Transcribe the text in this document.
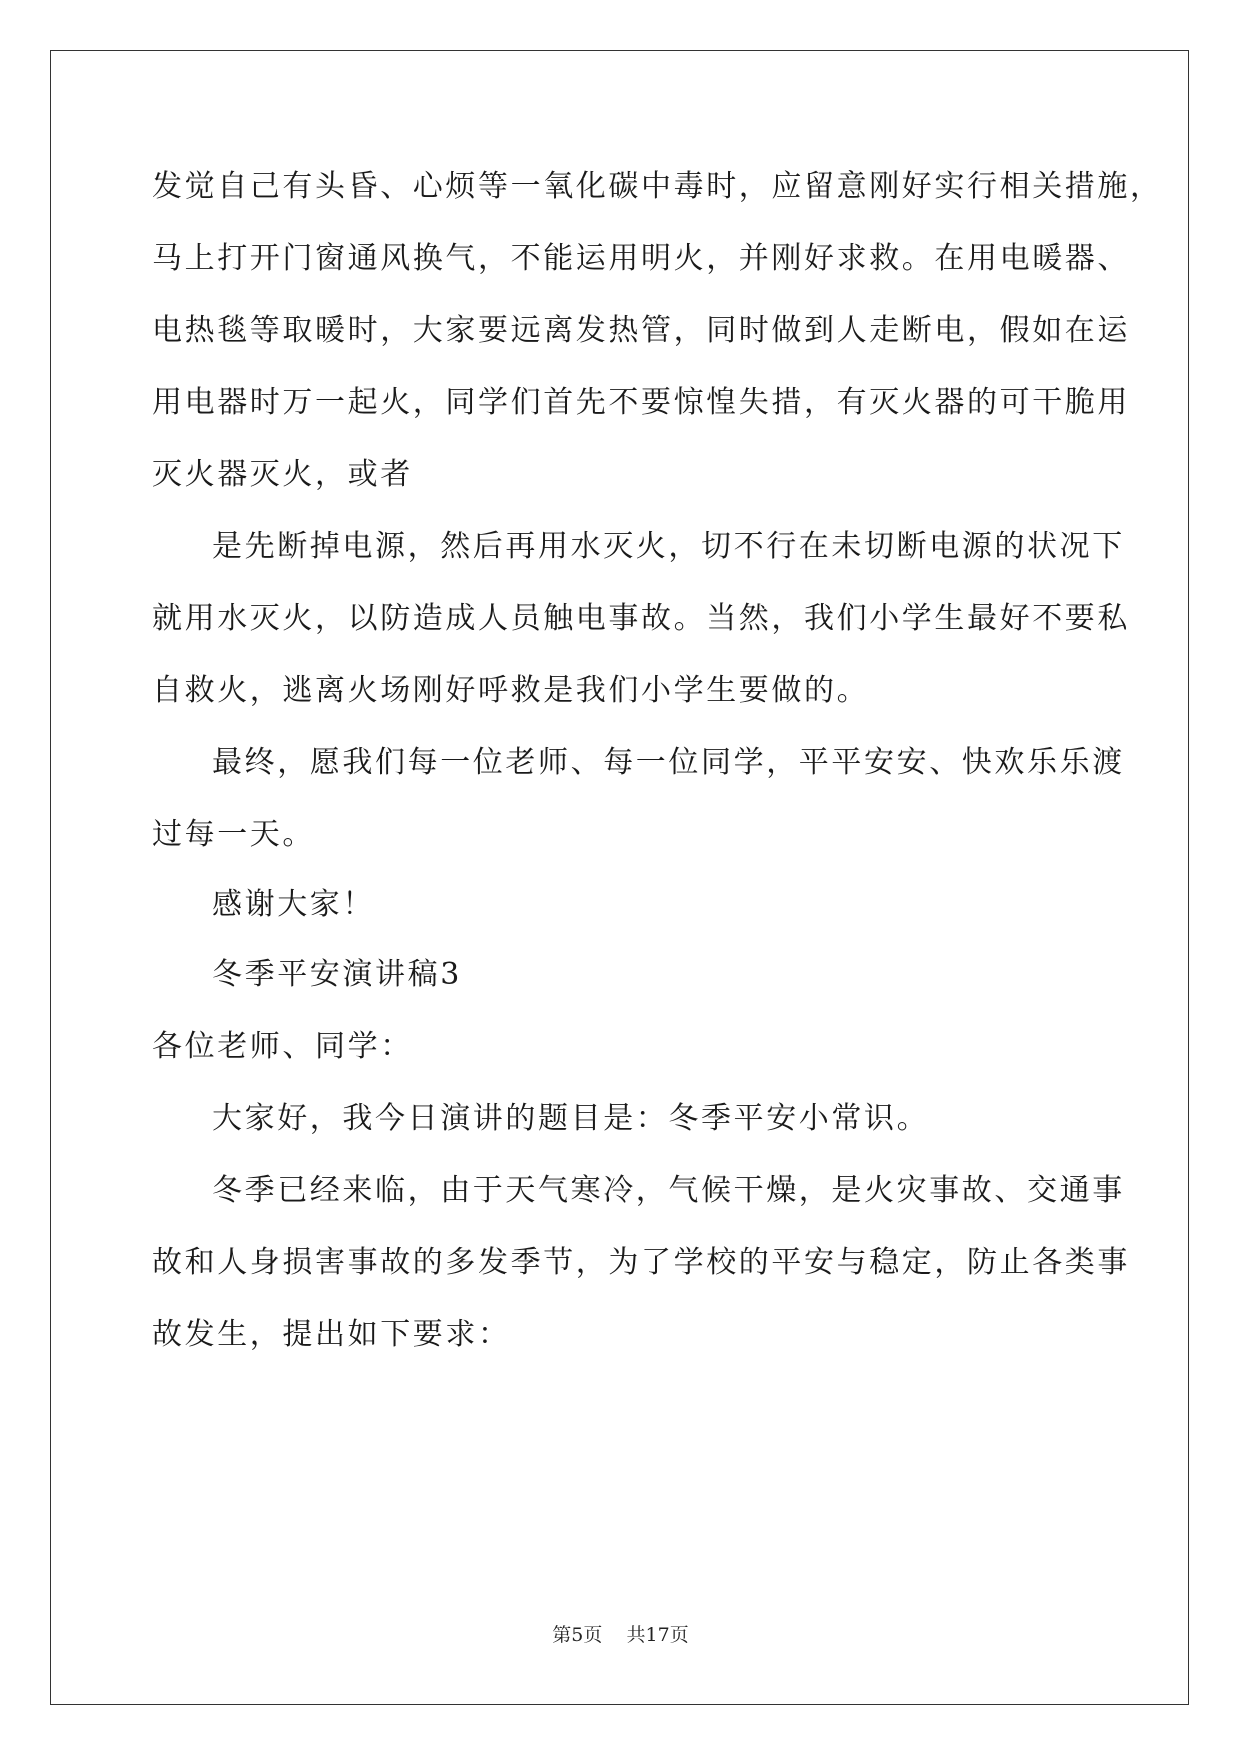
发觉自己有头昏、心烦等一氧化碳中毒时，应留意刚好实行相关措施，
马上打开门窗通风换气，不能运用明火，并刚好求救。在用电暖器、
电热毯等取暖时，大家要远离发热管，同时做到人走断电，假如在运
用电器时万一起火，同学们首先不要惊惶失措，有灭火器的可干脆用
灭火器灭火，或者
是先断掉电源，然后再用水灭火，切不行在未切断电源的状况下
就用水灭火，以防造成人员触电事故。当然，我们小学生最好不要私
自救火，逃离火场刚好呼救是我们小学生要做的。
最终，愿我们每一位老师、每一位同学，平平安安、快欢乐乐渡
过每一天。
感谢大家！
冬季平安演讲稿3
各位老师、同学：
大家好，我今日演讲的题目是：冬季平安小常识。
冬季已经来临，由于天气寒冷，气候干燥，是火灾事故、交通事
故和人身损害事故的多发季节，为了学校的平安与稳定，防止各类事
故发生，提出如下要求：
第5页 共17页
